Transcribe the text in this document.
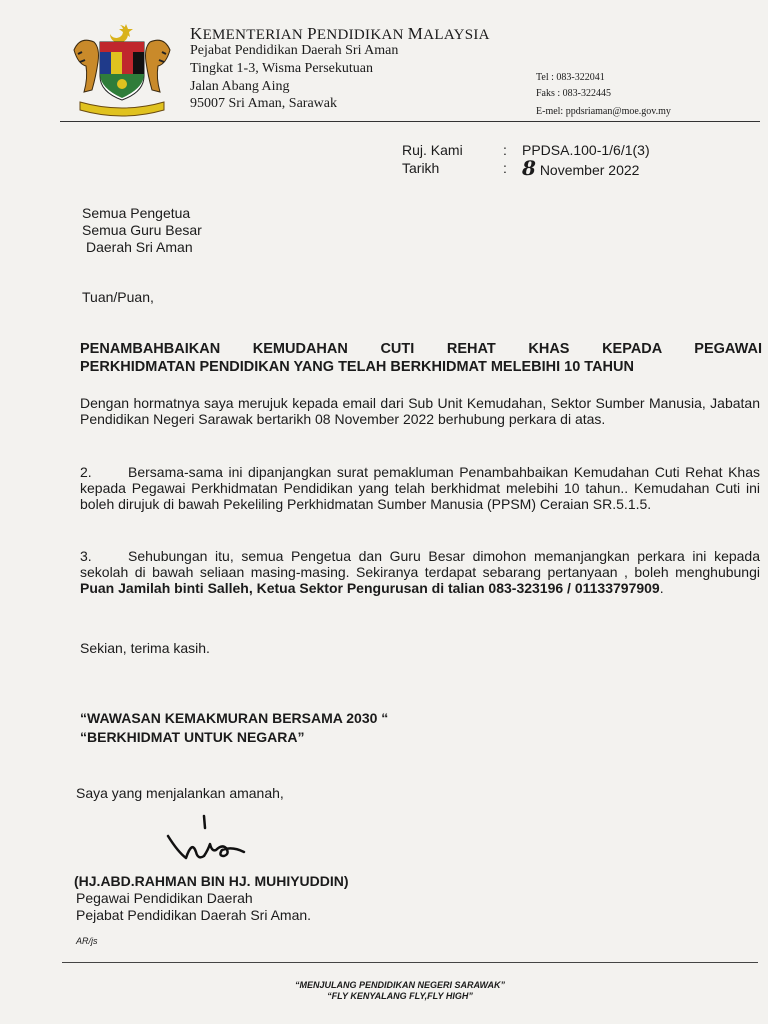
KEMENTERIAN PENDIDIKAN MALAYSIA
Pejabat Pendidikan Daerah Sri Aman
Tingkat 1-3, Wisma Persekutuan
Jalan Abang Aing
95007 Sri Aman, Sarawak
Tel : 083-322041
Faks : 083-322445
E-mel: ppdsriaman@moe.gov.my
Ruj. Kami	: PPDSA.100-1/6/1(3)
Tarikh	: 8 November 2022
Semua Pengetua
Semua Guru Besar
Daerah Sri Aman
Tuan/Puan,
PENAMBAHBAIKAN KEMUDAHAN CUTI REHAT KHAS KEPADA PEGAWAI
PERKHIDMATAN PENDIDIKAN YANG TELAH BERKHIDMAT MELEBIHI 10 TAHUN
Dengan hormatnya saya merujuk kepada email dari Sub Unit Kemudahan, Sektor Sumber Manusia, Jabatan Pendidikan Negeri Sarawak bertarikh 08 November 2022 berhubung perkara di atas.
2.	Bersama-sama ini dipanjangkan surat pemakluman Penambahbaikan Kemudahan Cuti Rehat Khas kepada Pegawai Perkhidmatan Pendidikan yang telah berkhidmat melebihi 10 tahun.. Kemudahan Cuti ini boleh dirujuk di bawah Pekeliling Perkhidmatan Sumber Manusia (PPSM) Ceraian SR.5.1.5.
3.	Sehubungan itu, semua Pengetua dan Guru Besar dimohon memanjangkan perkara ini kepada sekolah di bawah seliaan masing-masing. Sekiranya terdapat sebarang pertanyaan , boleh menghubungi Puan Jamilah binti Salleh, Ketua Sektor Pengurusan di talian 083-323196 / 01133797909.
Sekian, terima kasih.
“WAWASAN KEMAKMURAN BERSAMA 2030 “
“BERKHIDMAT UNTUK NEGARA”
Saya yang menjalankan amanah,
(HJ.ABD.RAHMAN BIN HJ. MUHIYUDDIN)
Pegawai Pendidikan Daerah
Pejabat Pendidikan Daerah Sri Aman.
AR/js
“MENJULANG PENDIDIKAN NEGERI SARAWAK”
“FLY KENYALANG FLY,FLY HIGH”
